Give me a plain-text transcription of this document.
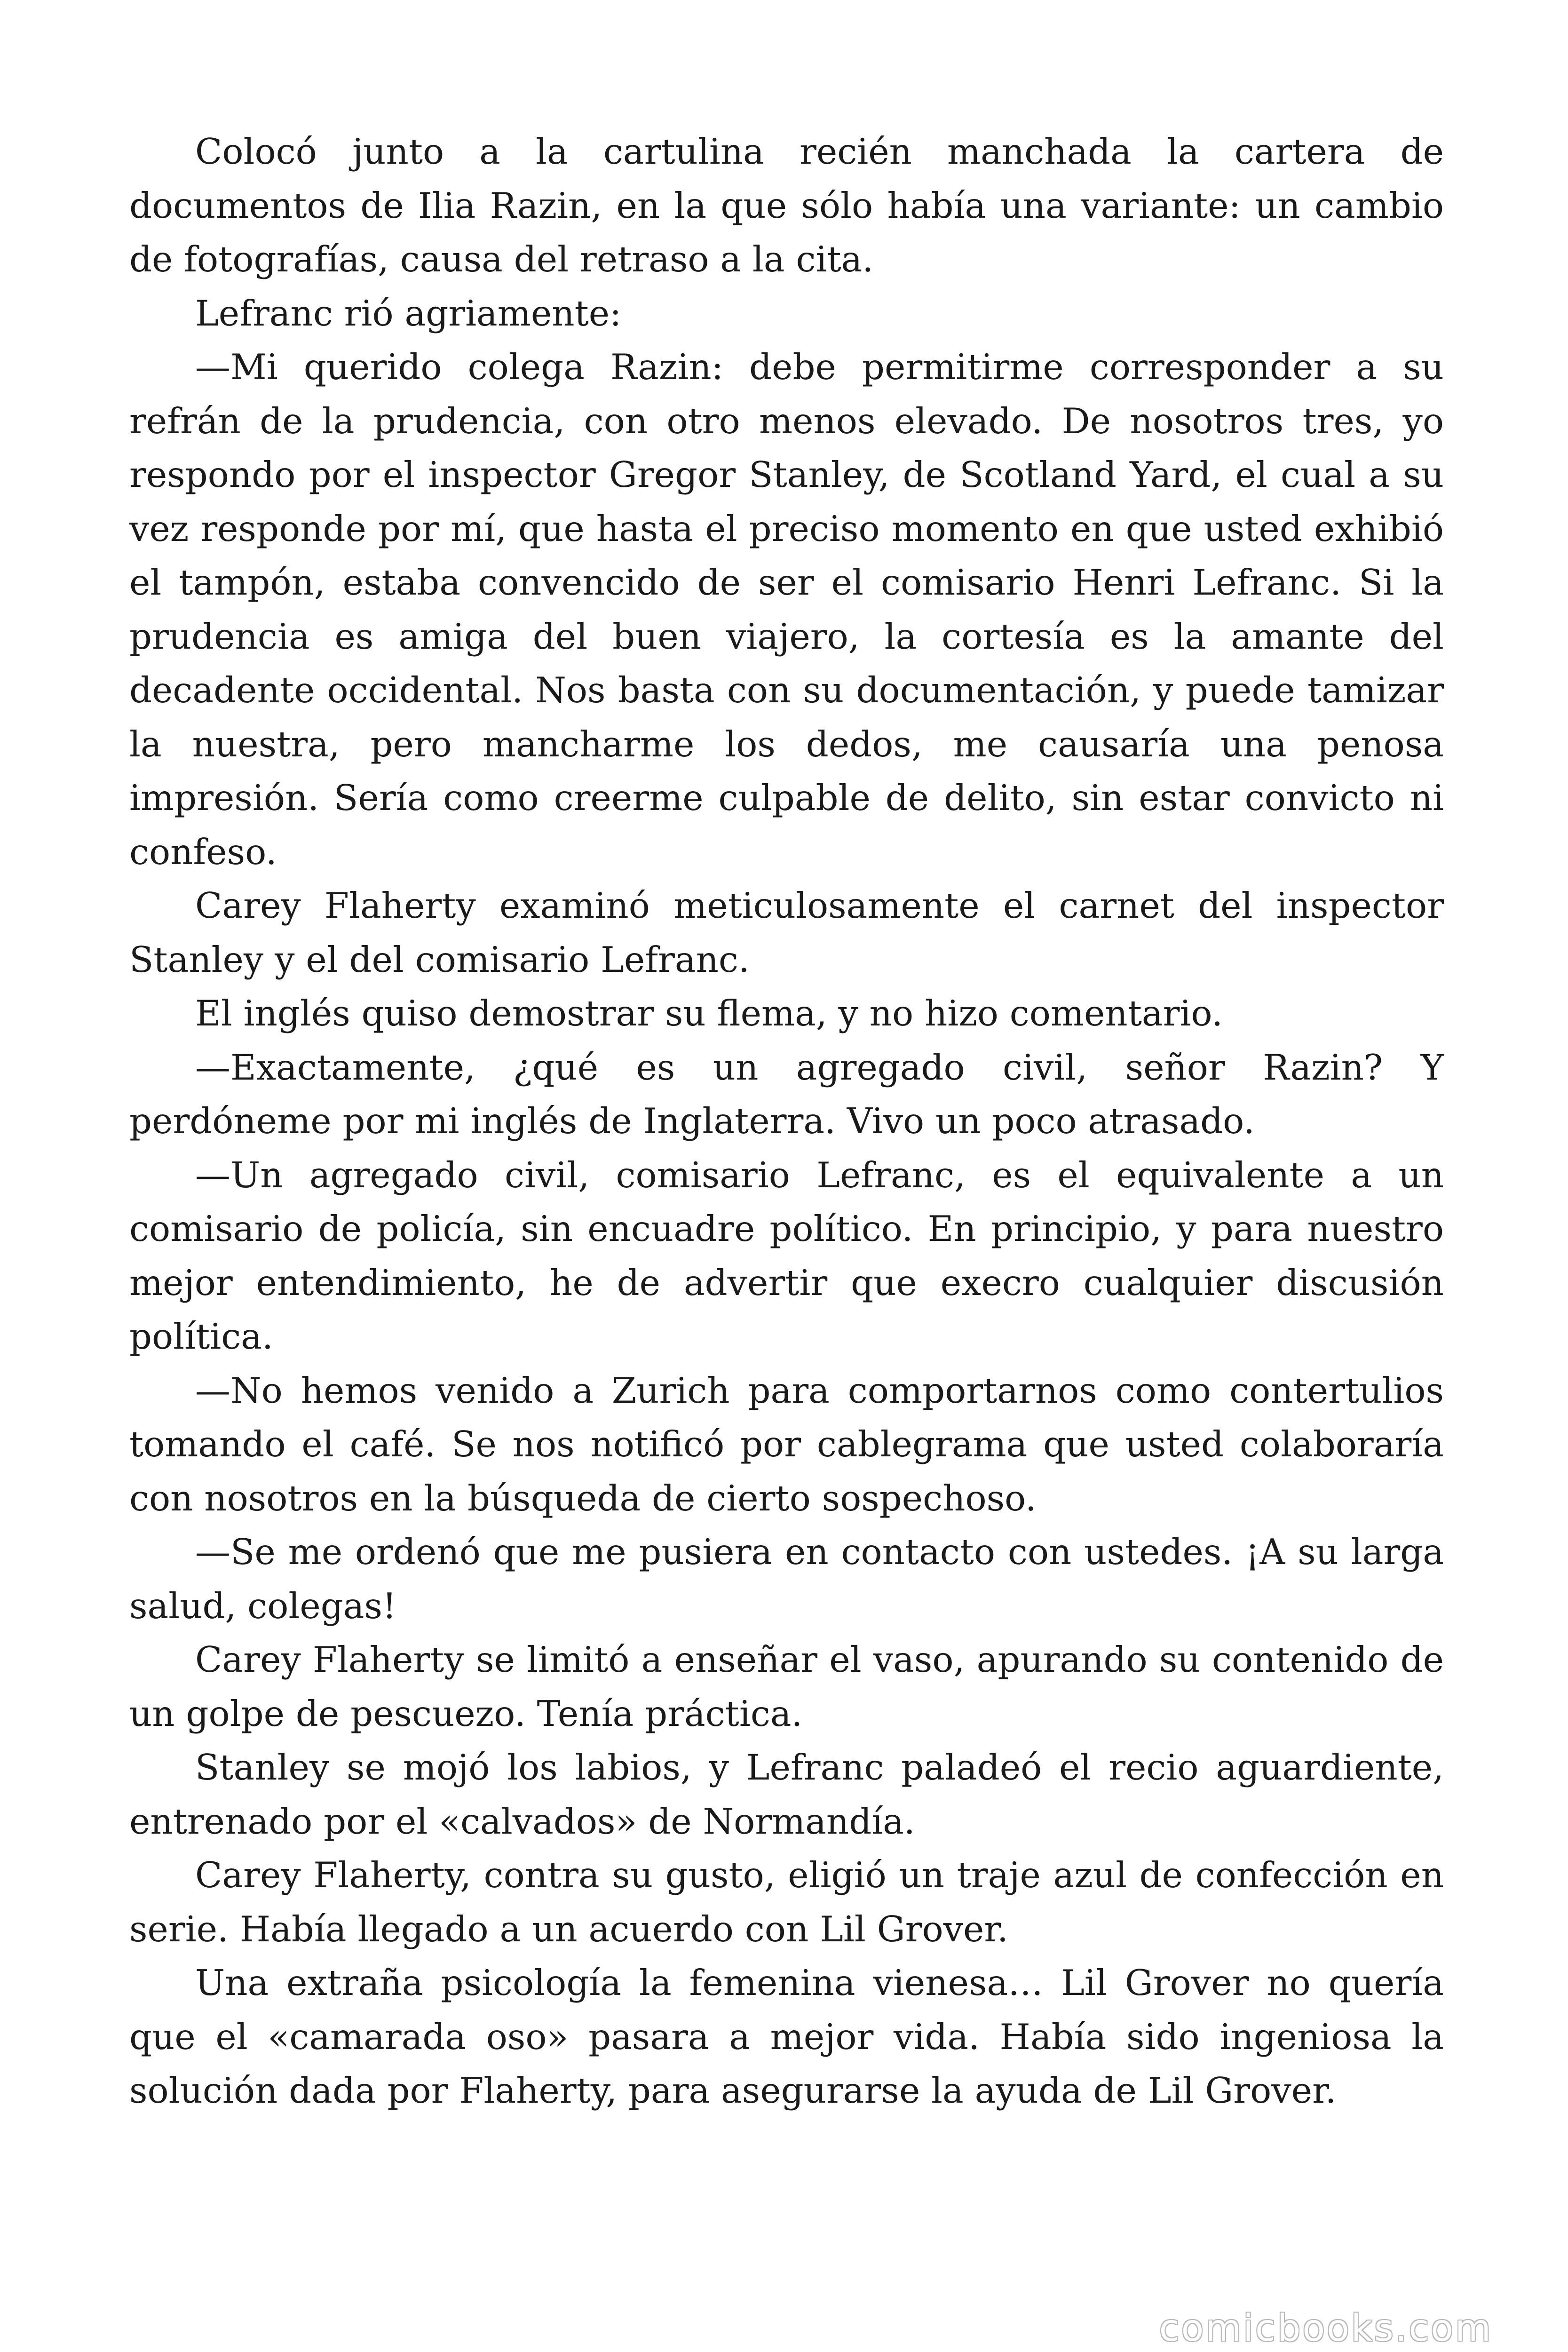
Colocó junto a la cartulina recién manchada la cartera de documentos de Ilia Razin, en la que sólo había una variante: un cambio de fotografías, causa del retraso a la cita.

Lefranc rió agriamente:

—Mi querido colega Razin: debe permitirme corresponder a su refrán de la prudencia, con otro menos elevado. De nosotros tres, yo respondo por el inspector Gregor Stanley, de Scotland Yard, el cual a su vez responde por mí, que hasta el preciso momento en que usted exhibió el tampón, estaba convencido de ser el comisario Henri Lefranc. Si la prudencia es amiga del buen viajero, la cortesía es la amante del decadente occidental. Nos basta con su documentación, y puede tamizar la nuestra, pero mancharme los dedos, me causaría una penosa impresión. Sería como creerme culpable de delito, sin estar convicto ni confeso.

Carey Flaherty examinó meticulosamente el carnet del inspector Stanley y el del comisario Lefranc.

El inglés quiso demostrar su flema, y no hizo comentario.

—Exactamente, ¿qué es un agregado civil, señor Razin? Y perdóneme por mi inglés de Inglaterra. Vivo un poco atrasado.

—Un agregado civil, comisario Lefranc, es el equivalente a un comisario de policía, sin encuadre político. En principio, y para nuestro mejor entendimiento, he de advertir que execro cualquier discusión política.

—No hemos venido a Zurich para comportarnos como contertulios tomando el café. Se nos notificó por cablegrama que usted colaboraría con nosotros en la búsqueda de cierto sospechoso.

—Se me ordenó que me pusiera en contacto con ustedes. ¡A su larga salud, colegas!

Carey Flaherty se limitó a enseñar el vaso, apurando su contenido de un golpe de pescuezo. Tenía práctica.

Stanley se mojó los labios, y Lefranc paladeó el recio aguardiente, entrenado por el «calvados» de Normandía.

Carey Flaherty, contra su gusto, eligió un traje azul de confección en serie. Había llegado a un acuerdo con Lil Grover.

Una extraña psicología la femenina vienesa… Lil Grover no quería que el «camarada oso» pasara a mejor vida. Había sido ingeniosa la solución dada por Flaherty, para asegurarse la ayuda de Lil Grover.

comicbooks.com
